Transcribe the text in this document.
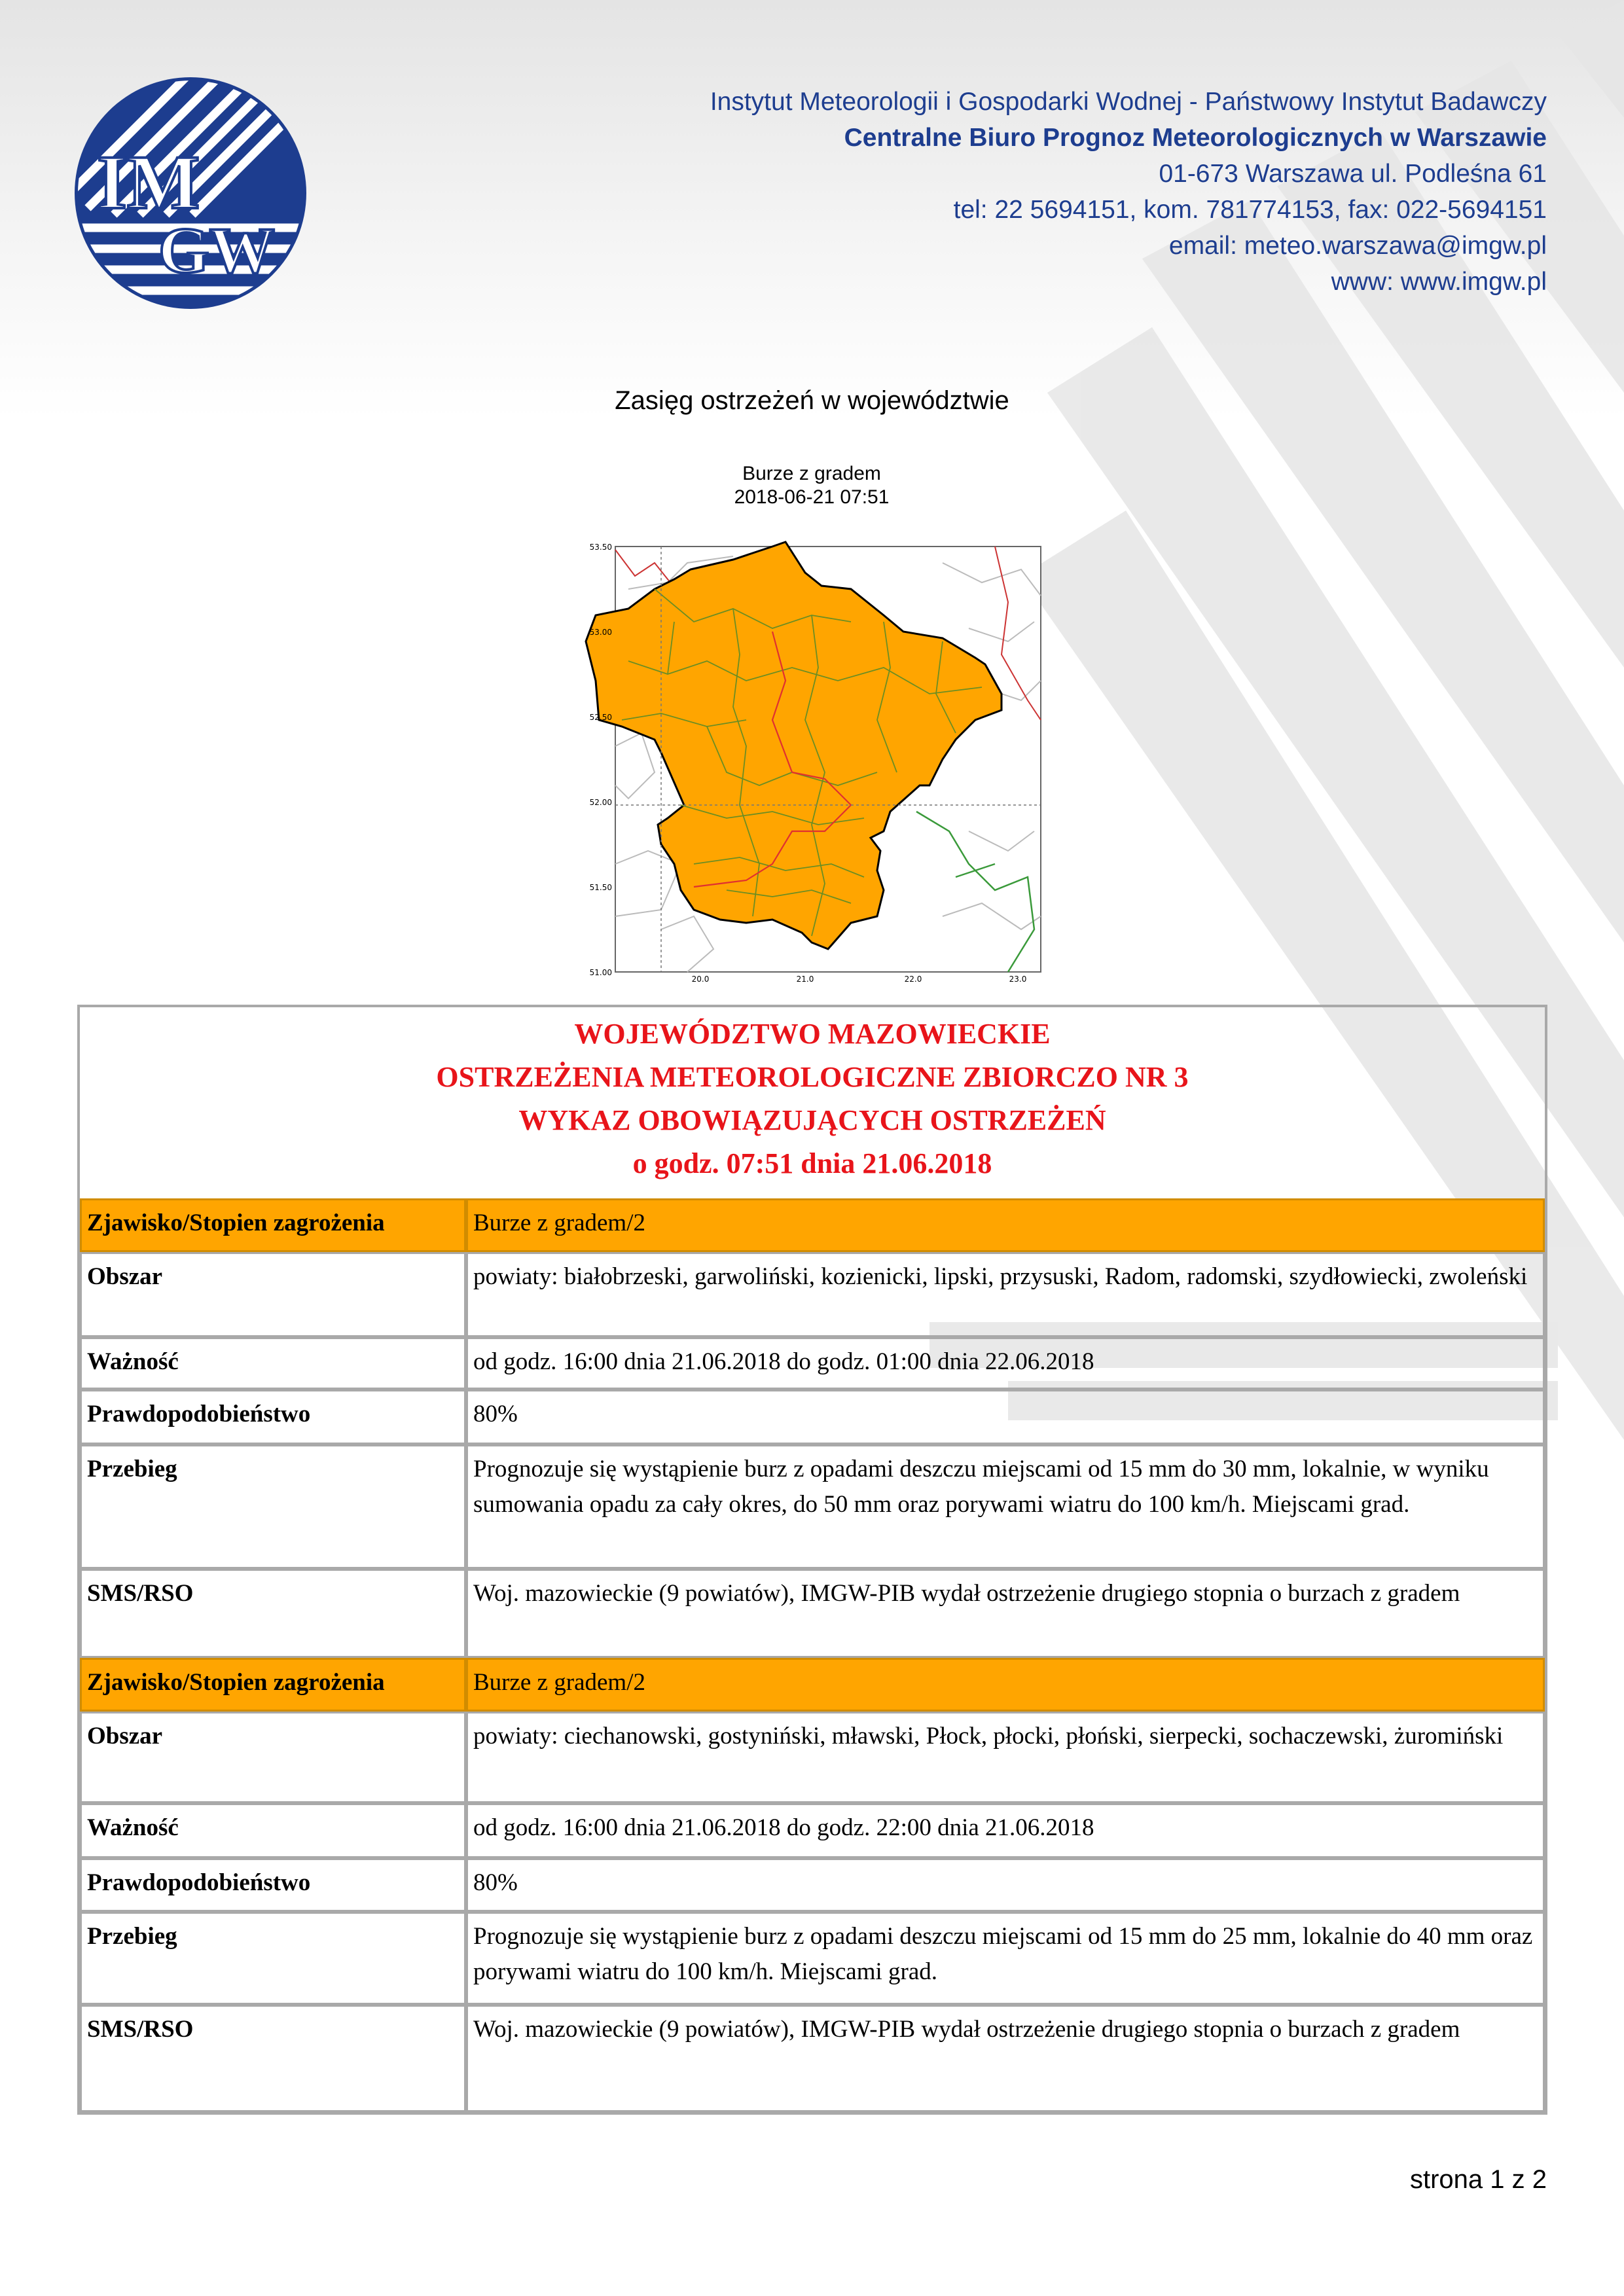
IM
GW
Instytut Meteorologii i Gospodarki Wodnej - Państwowy Instytut Badawczy
Centralne Biuro Prognoz Meteorologicznych w Warszawie
01-673 Warszawa ul. Podleśna 61
tel: 22 5694151, kom. 781774153, fax: 022-5694151
email: meteo.warszawa@imgw.pl
www: www.imgw.pl
Zasięg ostrzeżeń w województwie
Burze z gradem
2018-06-21 07:51
53.50
53.00
52.50
52.00
51.50
51.00
20.0	21.0	22.0	23.0
WOJEWÓDZTWO MAZOWIECKIE
OSTRZEŻENIA METEOROLOGICZNE ZBIORCZO NR 3
WYKAZ OBOWIĄZUJĄCYCH OSTRZEŻEŃ
o godz. 07:51 dnia 21.06.2018
Zjawisko/Stopien zagrożenia	Burze z gradem/2
Obszar	powiaty: białobrzeski, garwoliński, kozienicki, lipski, przysuski, Radom, radomski, szydłowiecki, zwoleński
Ważność	od godz. 16:00 dnia 21.06.2018 do godz. 01:00 dnia 22.06.2018
Prawdopodobieństwo	80%
Przebieg	Prognozuje się wystąpienie burz z opadami deszczu miejscami od 15 mm do 30 mm, lokalnie, w wyniku sumowania opadu za cały okres, do 50 mm oraz porywami wiatru do 100 km/h. Miejscami grad.
SMS/RSO	Woj. mazowieckie (9 powiatów), IMGW-PIB wydał ostrzeżenie drugiego stopnia o burzach z gradem
Zjawisko/Stopien zagrożenia	Burze z gradem/2
Obszar	powiaty: ciechanowski, gostyniński, mławski, Płock, płocki, płoński, sierpecki, sochaczewski, żuromiński
Ważność	od godz. 16:00 dnia 21.06.2018 do godz. 22:00 dnia 21.06.2018
Prawdopodobieństwo	80%
Przebieg	Prognozuje się wystąpienie burz z opadami deszczu miejscami od 15 mm do 25 mm, lokalnie do 40 mm oraz porywami wiatru do 100 km/h. Miejscami grad.
SMS/RSO	Woj. mazowieckie (9 powiatów), IMGW-PIB wydał ostrzeżenie drugiego stopnia o burzach z gradem
strona 1 z 2
